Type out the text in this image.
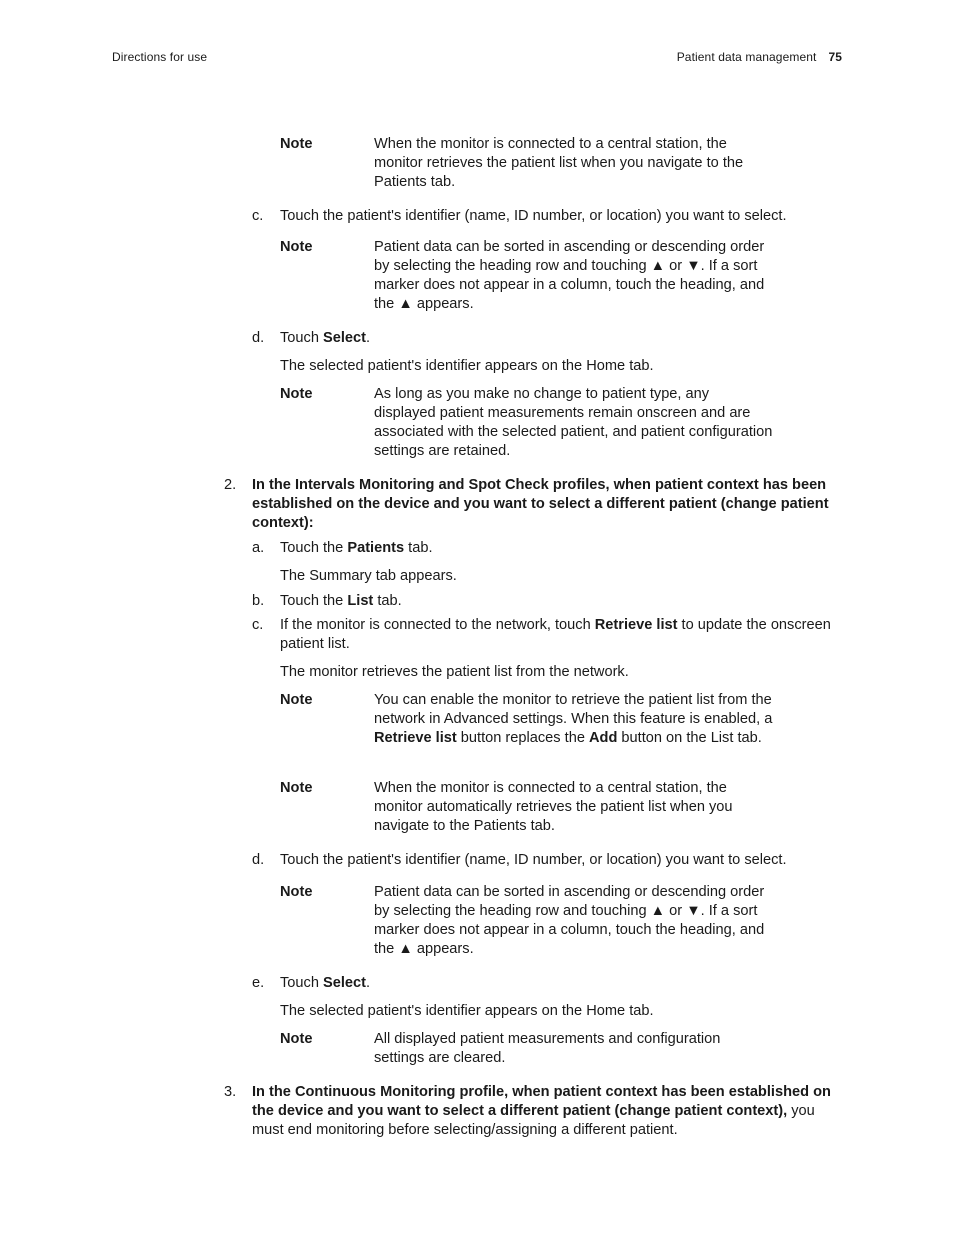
Directions for use	Patient data management 75
Note	When the monitor is connected to a central station, the monitor retrieves the patient list when you navigate to the Patients tab.
c. Touch the patient's identifier (name, ID number, or location) you want to select.
Note	Patient data can be sorted in ascending or descending order by selecting the heading row and touching ▲ or ▼. If a sort marker does not appear in a column, touch the heading, and the ▲ appears.
d. Touch Select.
The selected patient's identifier appears on the Home tab.
Note	As long as you make no change to patient type, any displayed patient measurements remain onscreen and are associated with the selected patient, and patient configuration settings are retained.
2. In the Intervals Monitoring and Spot Check profiles, when patient context has been established on the device and you want to select a different patient (change patient context):
a. Touch the Patients tab.
The Summary tab appears.
b. Touch the List tab.
c. If the monitor is connected to the network, touch Retrieve list to update the onscreen patient list.
The monitor retrieves the patient list from the network.
Note	You can enable the monitor to retrieve the patient list from the network in Advanced settings. When this feature is enabled, a Retrieve list button replaces the Add button on the List tab.
Note	When the monitor is connected to a central station, the monitor automatically retrieves the patient list when you navigate to the Patients tab.
d. Touch the patient's identifier (name, ID number, or location) you want to select.
Note	Patient data can be sorted in ascending or descending order by selecting the heading row and touching ▲ or ▼. If a sort marker does not appear in a column, touch the heading, and the ▲ appears.
e. Touch Select.
The selected patient's identifier appears on the Home tab.
Note	All displayed patient measurements and configuration settings are cleared.
3. In the Continuous Monitoring profile, when patient context has been established on the device and you want to select a different patient (change patient context), you must end monitoring before selecting/assigning a different patient.
